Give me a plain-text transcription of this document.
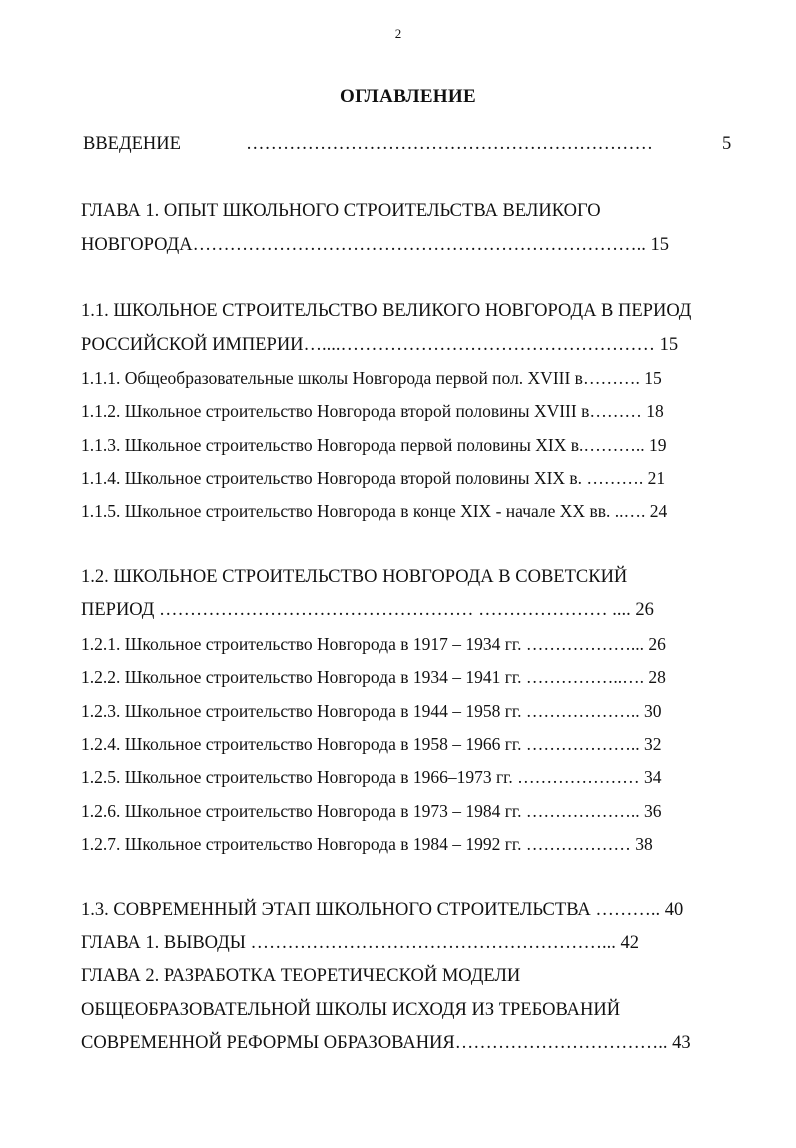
2
ОГЛАВЛЕНИЕ
ВВЕДЕНИЕ	…………………………………………………………	5
ГЛАВА 1. ОПЫТ ШКОЛЬНОГО СТРОИТЕЛЬСТВА ВЕЛИКОГО
НОВГОРОДА……………………………………………………………….. 15
1.1. ШКОЛЬНОЕ СТРОИТЕЛЬСТВО ВЕЛИКОГО НОВГОРОДА В ПЕРИОД
РОССИЙСКОЙ ИМПЕРИИ…....…………………………………………… 15
1.1.1. Общеобразовательные школы Новгорода первой пол. XVIII в………. 15
1.1.2. Школьное строительство Новгорода второй половины XVIII в……… 18
1.1.3. Школьное строительство Новгорода первой половины XIX в.……….. 19
1.1.4. Школьное строительство Новгорода второй половины XIX в. ………. 21
1.1.5. Школьное строительство Новгорода в конце XIX - начале XX вв. ..…. 24
1.2. ШКОЛЬНОЕ СТРОИТЕЛЬСТВО НОВГОРОДА В СОВЕТСКИЙ
ПЕРИОД …………………………………………… ………………… .... 26
1.2.1. Школьное строительство Новгорода в 1917 – 1934 гг. ………………... 26
1.2.2. Школьное строительство Новгорода в 1934 – 1941 гг. ……………..…. 28
1.2.3. Школьное строительство Новгорода в 1944 – 1958 гг. ……………….. 30
1.2.4. Школьное строительство Новгорода в 1958 – 1966 гг. ……………….. 32
1.2.5. Школьное строительство Новгорода в 1966–1973 гг. ………………… 34
1.2.6. Школьное строительство Новгорода в 1973 – 1984 гг. ……………….. 36
1.2.7. Школьное строительство Новгорода в 1984 – 1992 гг. ……………… 38
1.3. СОВРЕМЕННЫЙ ЭТАП ШКОЛЬНОГО СТРОИТЕЛЬСТВА ……….. 40
ГЛАВА 1. ВЫВОДЫ …………………………………………………... 42
ГЛАВА 2. РАЗРАБОТКА ТЕОРЕТИЧЕСКОЙ МОДЕЛИ
ОБЩЕОБРАЗОВАТЕЛЬНОЙ ШКОЛЫ ИСХОДЯ ИЗ ТРЕБОВАНИЙ
СОВРЕМЕННОЙ РЕФОРМЫ ОБРАЗОВАНИЯ…………………………….. 43
